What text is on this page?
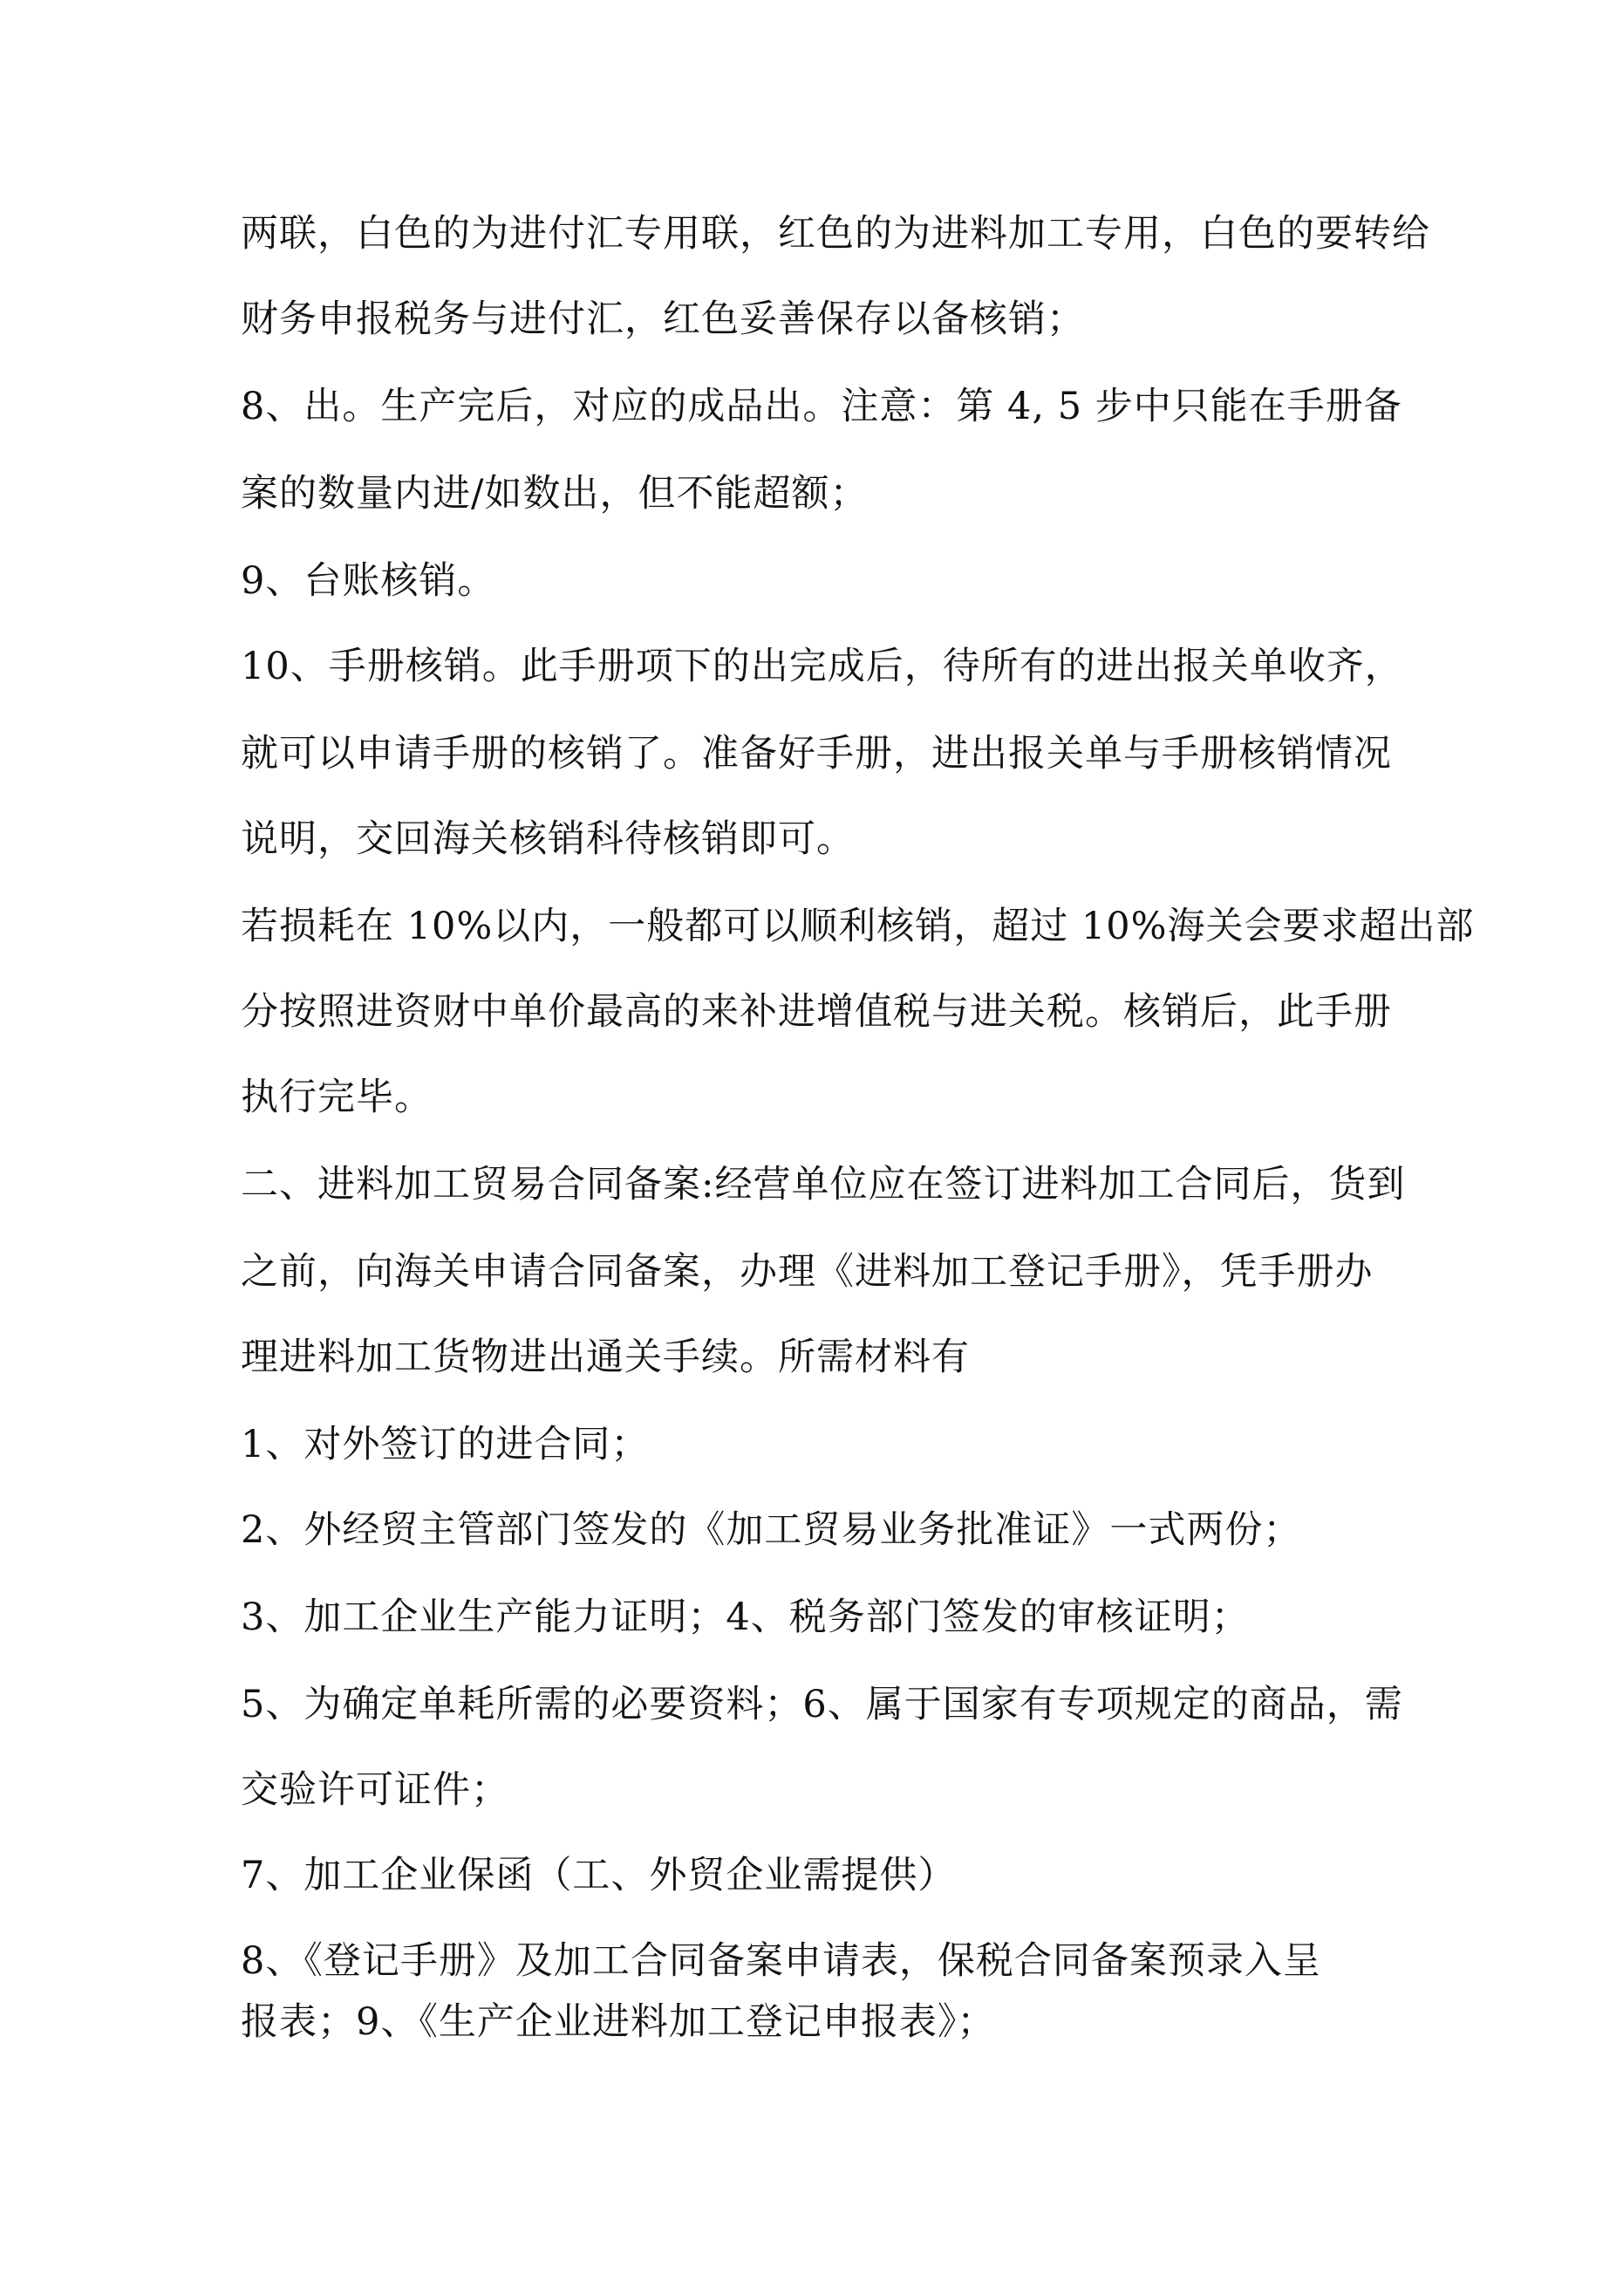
两联，白色的为进付汇专用联，红色的为进料加工专用，白色的要转给
财务申报税务与进付汇，红色妥善保存以备核销；
8、出。生产完后，对应的成品出。注意：第 4, 5 步中只能在手册备
案的数量内进/如数出，但不能超额；
9、台账核销。
10、手册核销。此手册项下的出完成后，待所有的进出报关单收齐，
就可以申请手册的核销了。准备好手册，进出报关单与手册核销情况
说明，交回海关核销科待核销即可。
若损耗在 10%以内，一般都可以顺利核销，超过 10%海关会要求超出部
分按照进资财中单价最高的来补进增值税与进关税。核销后，此手册
执行完毕。
二、进料加工贸易合同备案:经营单位应在签订进料加工合同后，货到
之前，向海关申请合同备案，办理《进料加工登记手册》，凭手册办
理进料加工货物进出通关手续。所需材料有
1、对外签订的进合同；
2、外经贸主管部门签发的《加工贸易业务批准证》一式两份；
3、加工企业生产能力证明；4、税务部门签发的审核证明；
5、为确定单耗所需的必要资料；6、属于国家有专项规定的商品，需
交验许可证件；
7、加工企业保函（工、外贸企业需提供）
8、《登记手册》及加工合同备案申请表，保税合同备案预录入呈
报表；9、《生产企业进料加工登记申报表》；
